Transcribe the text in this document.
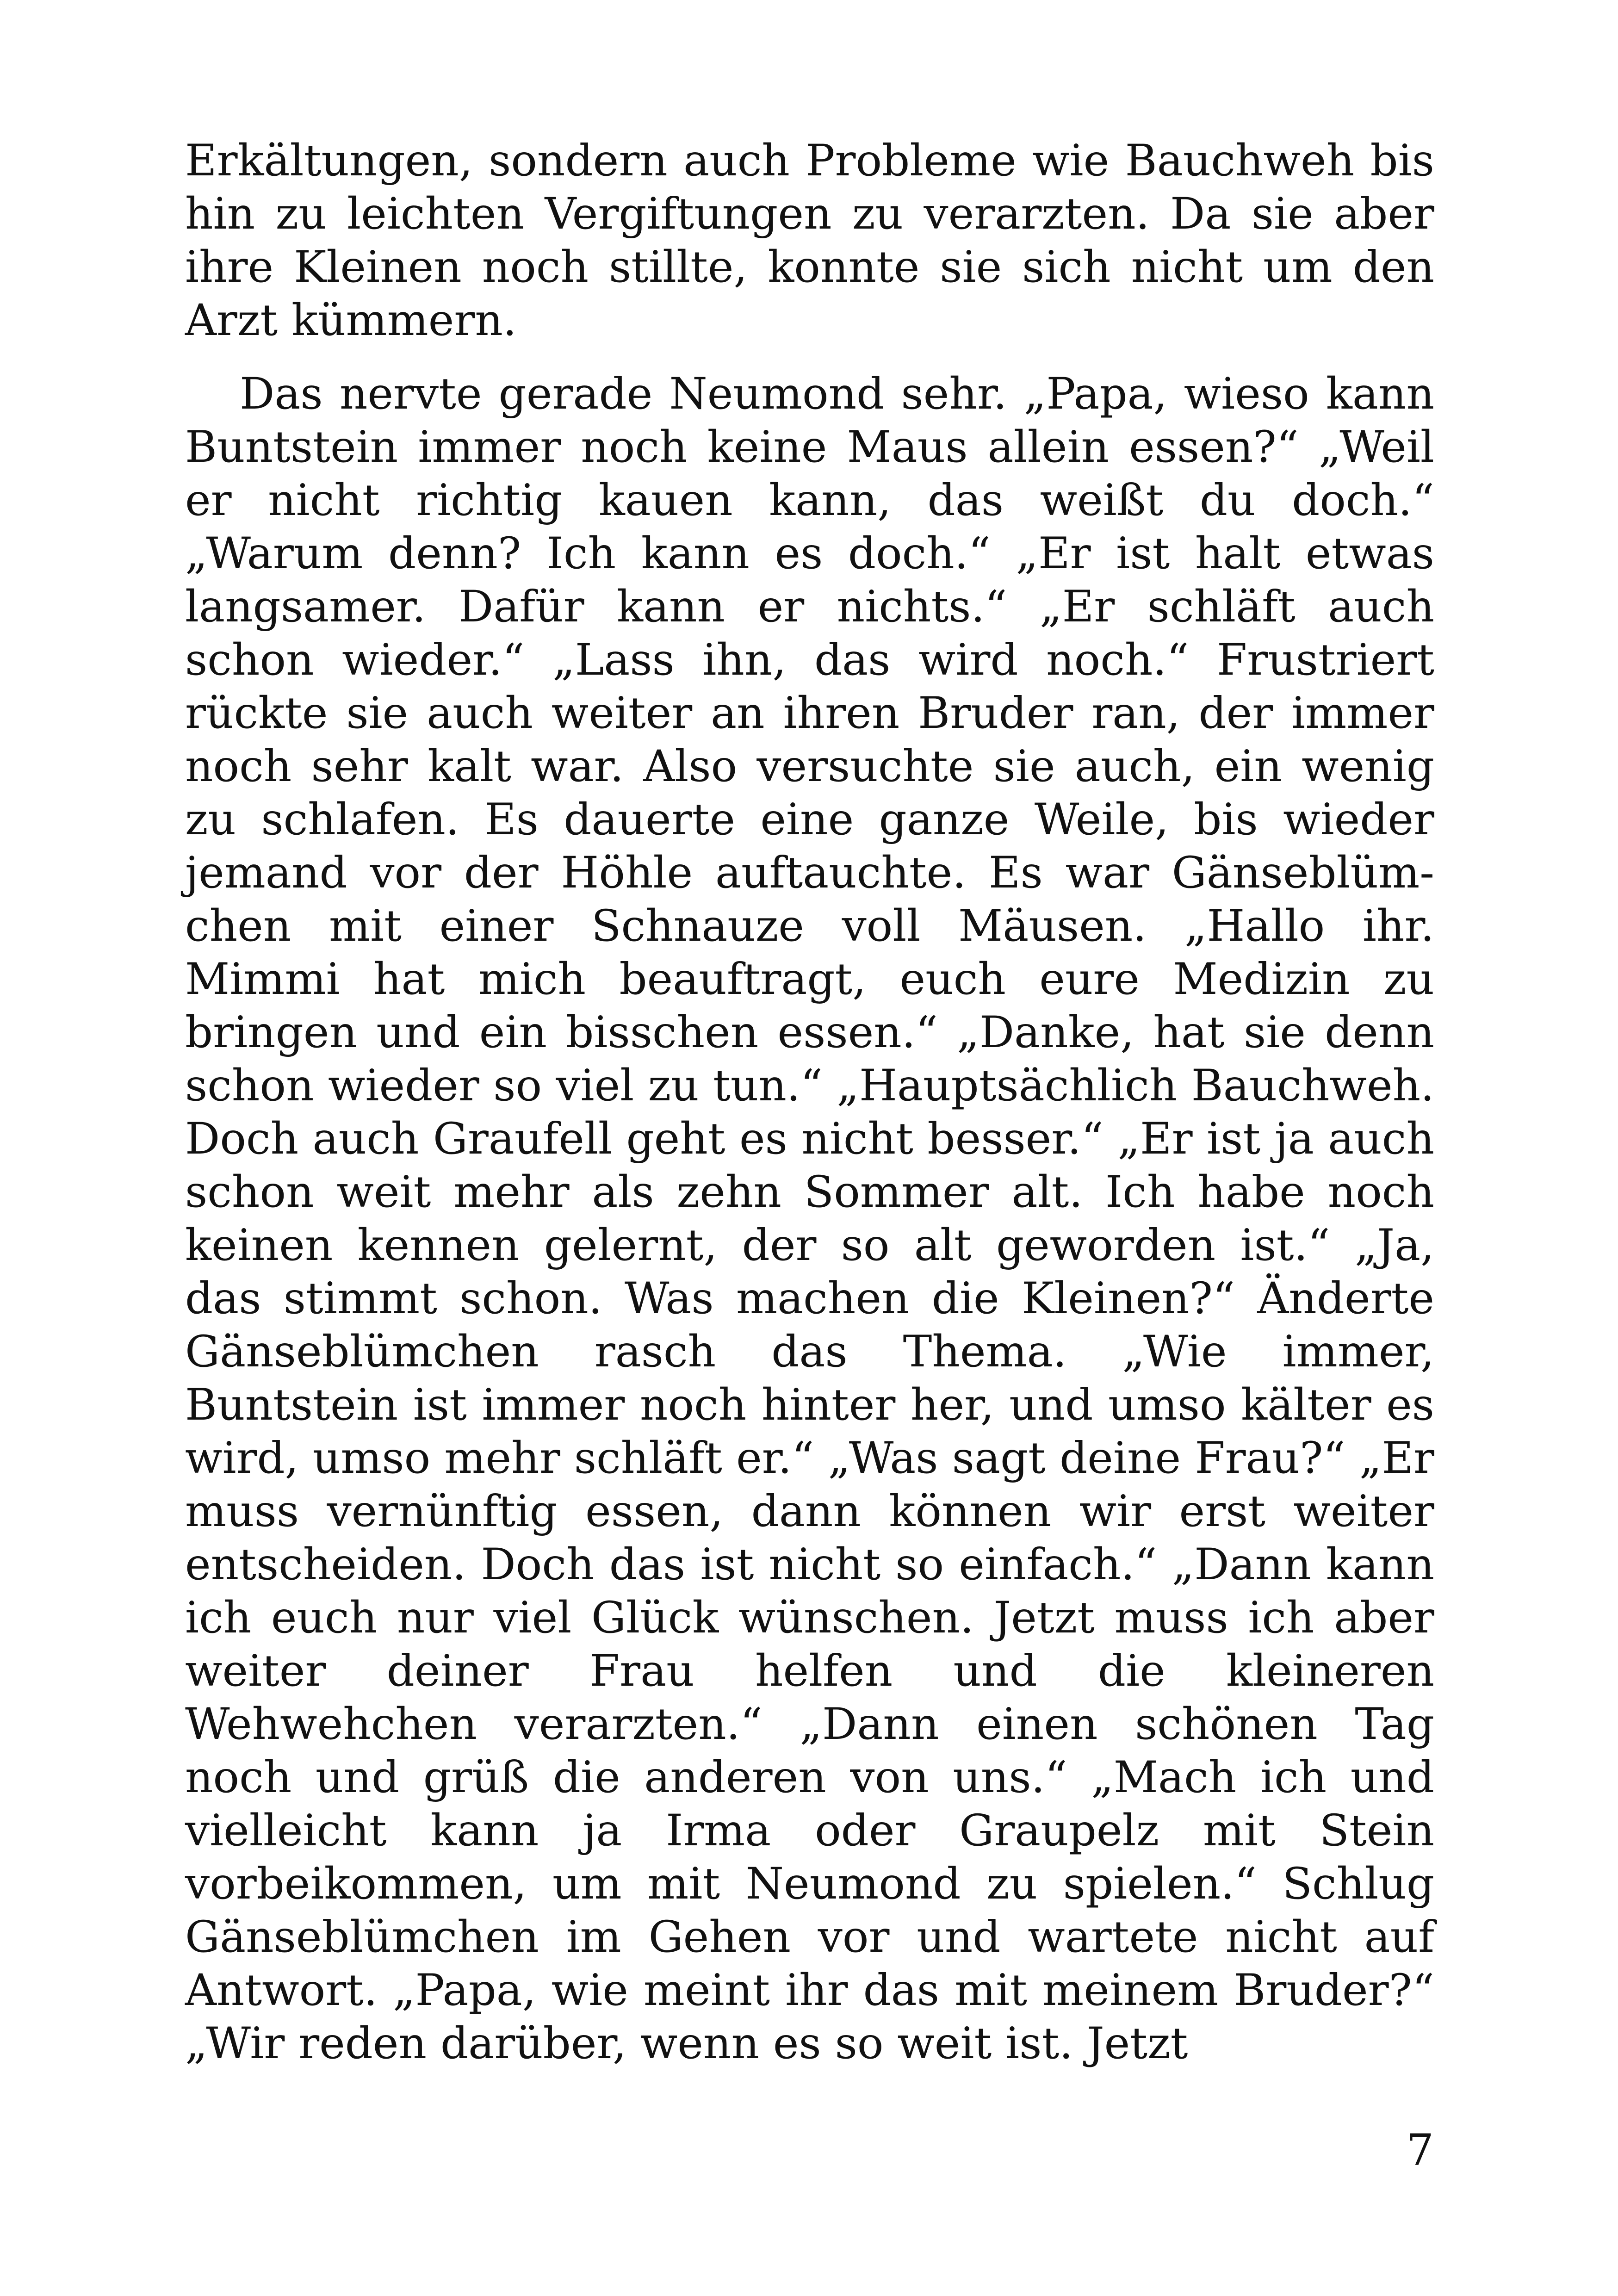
Erkältungen, sondern auch Probleme wie Bauchweh bis hin zu leichten Vergiftungen zu verarzten. Da sie aber ihre Kleinen noch stillte, konnte sie sich nicht um den Arzt kümmern.

Das nervte gerade Neumond sehr. „Papa, wieso kann Buntstein immer noch keine Maus allein essen?“ „Weil er nicht richtig kauen kann, das weißt du doch.“ „Warum denn? Ich kann es doch.“ „Er ist halt etwas langsamer. Dafür kann er nichts.“ „Er schläft auch schon wieder.“ „Lass ihn, das wird noch.“ Frustriert rückte sie auch weiter an ihren Bruder ran, der immer noch sehr kalt war. Also versuchte sie auch, ein wenig zu schlafen. Es dauerte eine ganze Weile, bis wieder jemand vor der Höhle auftauchte. Es war Gänseblümchen mit einer Schnauze voll Mäusen. „Hallo ihr. Mimmi hat mich beauftragt, euch eure Medizin zu bringen und ein bisschen essen.“ „Danke, hat sie denn schon wieder so viel zu tun.“ „Hauptsächlich Bauchweh. Doch auch Graufell geht es nicht besser.“ „Er ist ja auch schon weit mehr als zehn Sommer alt. Ich habe noch keinen kennen gelernt, der so alt geworden ist.“ „Ja, das stimmt schon. Was machen die Kleinen?“ Änderte Gänseblümchen rasch das Thema. „Wie immer, Buntstein ist immer noch hinter her, und umso kälter es wird, umso mehr schläft er.“ „Was sagt deine Frau?“ „Er muss vernünftig essen, dann können wir erst weiter entscheiden. Doch das ist nicht so einfach.“ „Dann kann ich euch nur viel Glück wünschen. Jetzt muss ich aber weiter deiner Frau helfen und die kleineren Wehwehchen verarzten.“ „Dann einen schönen Tag noch und grüß die anderen von uns.“ „Mach ich und vielleicht kann ja Irma oder Graupelz mit Stein vorbeikommen, um mit Neumond zu spielen.“ Schlug Gänseblümchen im Gehen vor und wartete nicht auf Antwort. „Papa, wie meint ihr das mit meinem Bruder?“ „Wir reden darüber, wenn es so weit ist. Jetzt

7
